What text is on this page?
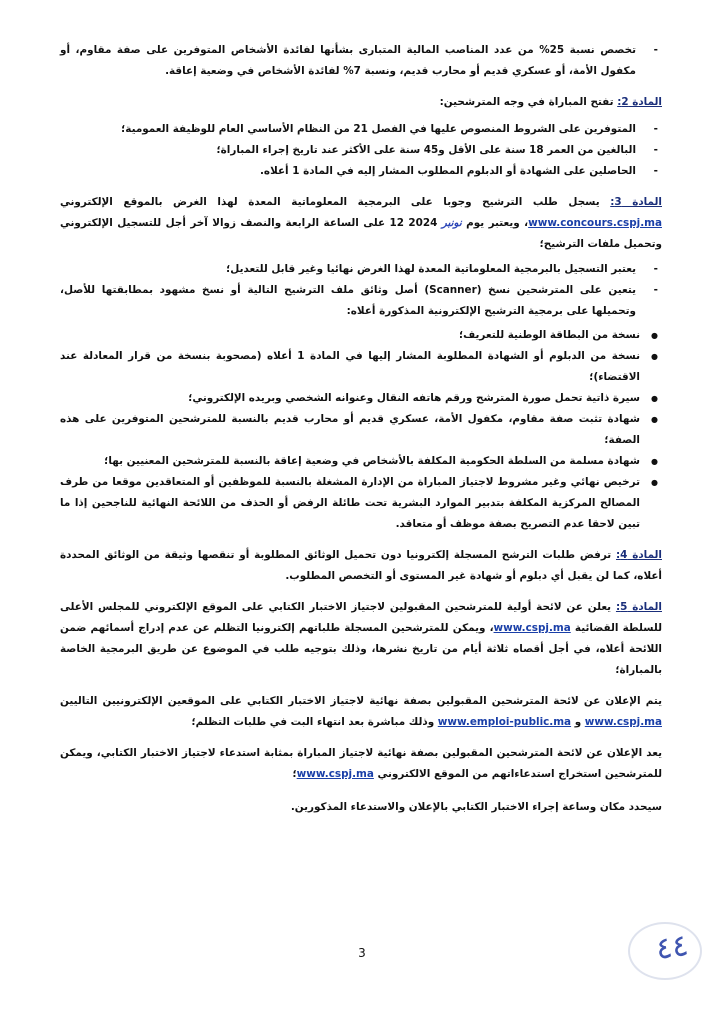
- تخصص نسبة 25% من عدد المناصب المالية المتبارى بشأنها لفائدة الأشخاص المتوفرين على صفة مقاوم، أو مكفول الأمة، أو عسكري قديم أو محارب قديم، ونسبة 7% لفائدة الأشخاص في وضعية إعاقة.

المادة 2: تفتح المباراة في وجه المترشحين:

- المتوفرين على الشروط المنصوص عليها في الفصل 21 من النظام الأساسي العام للوظيفة العمومية؛
- البالغين من العمر 18 سنة على الأقل و45 سنة على الأكثر عند تاريخ إجراء المباراة؛
- الحاصلين على الشهادة أو الدبلوم المطلوب المشار إليه في المادة 1 أعلاه.

المادة 3: يسجل طلب الترشيح وجوبا على البرمجية المعلوماتية المعدة لهذا الغرض بالموقع الإلكتروني www.concours.cspj.ma، ويعتبر يوم 12	نونبر 2024 على الساعة الرابعة والنصف زوالا آخر أجل للتسجيل الإلكتروني وتحميل ملفات الترشيح؛

- يعتبر التسجيل بالبرمجية المعلوماتية المعدة لهذا الغرض نهائيا وغير قابل للتعديل؛
- يتعين على المترشحين نسخ (Scanner) أصل وثائق ملف الترشيح التالية أو نسخ مشهود بمطابقتها للأصل، وتحميلها على برمجية الترشيح الإلكترونية المذكورة أعلاه:
● نسخة من البطاقة الوطنية للتعريف؛
● نسخة من الدبلوم أو الشهادة المطلوبة المشار إليها في المادة 1 أعلاه (مصحوبة بنسخة من قرار المعادلة عند الاقتضاء)؛
● سيرة ذاتية تحمل صورة المترشح ورقم هاتفه النقال وعنوانه الشخصي وبريده الإلكتروني؛
● شهادة تثبت صفة مقاوم، مكفول الأمة، عسكري قديم أو محارب قديم بالنسبة للمترشحين المتوفرين على هذه الصفة؛
● شهادة مسلمة من السلطة الحكومية المكلفة بالأشخاص في وضعية إعاقة بالنسبة للمترشحين المعنيين بها؛
● ترخيص نهائي وغير مشروط لاجتياز المباراة من الإدارة المشغلة بالنسبة للموظفين أو المتعاقدين موقعا من طرف المصالح المركزية المكلفة بتدبير الموارد البشرية تحت طائلة الرفض أو الحذف من اللائحة النهائية للناجحين إذا ما تبين لاحقا عدم التصريح بصفة موظف أو متعاقد.

المادة 4: ترفض طلبات الترشح المسجلة إلكترونيا دون تحميل الوثائق المطلوبة أو تنقصها وثيقة من الوثائق المحددة أعلاه، كما لن يقبل أي دبلوم أو شهادة غير المستوى أو التخصص المطلوب.

المادة 5: يعلن عن لائحة أولية للمترشحين المقبولين لاجتياز الاختبار الكتابي على الموقع الإلكتروني للمجلس الأعلى للسلطة القضائية www.cspj.ma، ويمكن للمترشحين المسجلة طلباتهم إلكترونيا التظلم عن عدم إدراج أسمائهم ضمن اللائحة أعلاه، في أجل أقصاه ثلاثة أيام من تاريخ نشرها، وذلك بتوجيه طلب في الموضوع عن طريق البرمجية الخاصة بالمباراة؛

يتم الإعلان عن لائحة المترشحين المقبولين بصفة نهائية لاجتياز الاختبار الكتابي على الموقعين الإلكترونيين التاليين www.cspj.ma و www.emploi-public.ma وذلك مباشرة بعد انتهاء البت في طلبات التظلم؛

يعد الإعلان عن لائحة المترشحين المقبولين بصفة نهائية لاجتياز المباراة بمثابة استدعاء لاجتياز الاختبار الكتابي، ويمكن للمترشحين استخراج استدعاءاتهم من الموقع الالكتروني www.cspj.ma؛

سيحدد مكان وساعة إجراء الاختبار الكتابي بالإعلان والاستدعاء المذكورين.

3	٤٤
